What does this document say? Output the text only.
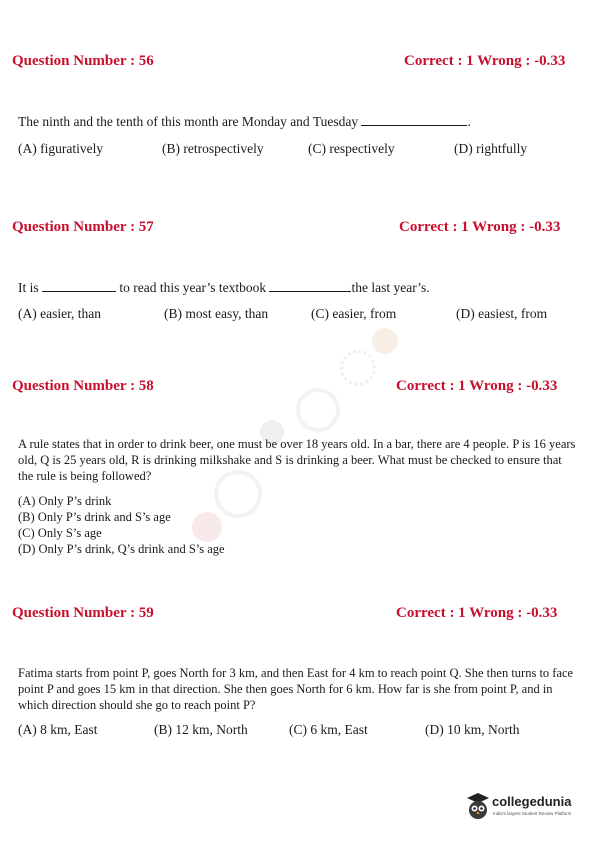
Question Number : 56	Correct : 1 Wrong : -0.33
The ninth and the tenth of this month are Monday and Tuesday	.
(A) figuratively	(B) retrospectively	(C) respectively	(D) rightfully
Question Number : 57	Correct : 1 Wrong : -0.33
It is	to read this year’s textbook	the last year’s.
(A) easier, than	(B) most easy, than	(C) easier, from	(D) easiest, from
Question Number : 58	Correct : 1 Wrong : -0.33
A rule states that in order to drink beer, one must be over 18 years old. In a bar, there are 4 people. P is 16 years old, Q is 25 years old, R is drinking milkshake and S is drinking a beer. What must be checked to ensure that the rule is being followed?
(A) Only P’s drink
(B) Only P’s drink and S’s age
(C) Only S’s age
(D) Only P’s drink, Q’s drink and S’s age
Question Number : 59	Correct : 1 Wrong : -0.33
Fatima starts from point P, goes North for 3 km, and then East for 4 km to reach point Q. She then turns to face point P and goes 15 km in that direction. She then goes North for 6 km. How far is she from point P, and in which direction should she go to reach point P?
(A) 8 km, East	(B) 12 km, North	(C) 6 km, East	(D) 10 km, North
collegedunia
India's largest Student Review Platform
